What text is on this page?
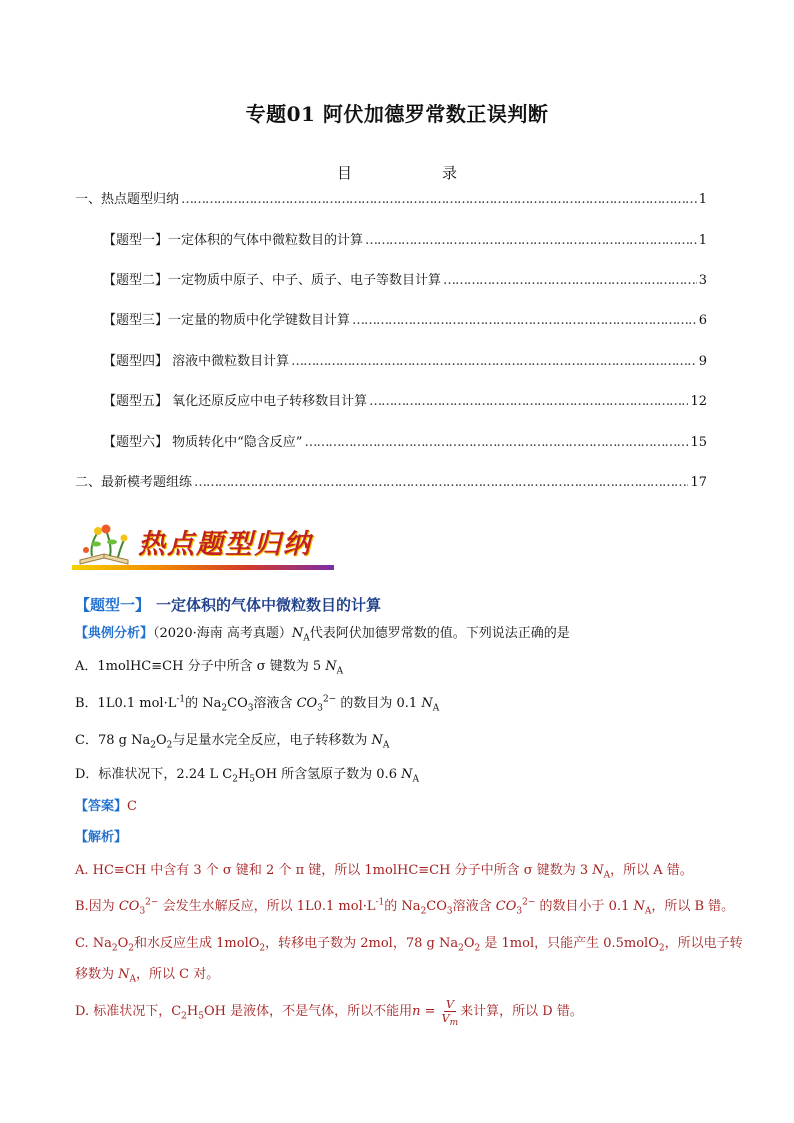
专题01 阿伏加德罗常数正误判断
目	录
一、热点题型归纳 ……………………………………………………………………………………………………………………………………………………………………	1
【题型一】一定体积的气体中微粒数目的计算 ……………………………………………………………………………………………………………………………………………………………………	1
【题型二】一定物质中原子、中子、质子、电子等数目计算 ……………………………………………………………………………………………………………………………………………………………………	3
【题型三】一定量的物质中化学键数目计算 ……………………………………………………………………………………………………………………………………………………………………	6
【题型四】 溶液中微粒数目计算 ……………………………………………………………………………………………………………………………………………………………………	9
【题型五】 氧化还原反应中电子转移数目计算 ……………………………………………………………………………………………………………………………………………………………………	12
【题型六】 物质转化中“隐含反应” ……………………………………………………………………………………………………………………………………………………………………	15
二、最新模考题组练 ……………………………………………………………………………………………………………………………………………………………………	17
热点题型归纳
【题型一】 一定体积的气体中微粒数目的计算
【典例分析】（2020·海南 高考真题）$N_A$代表阿伏加德罗常数的值。下列说法正确的是
A．1molHC≡CH 分子中所含 σ 键数为 5 $N_A$
B．1L0.1 $mol\cdot L^{-1}$的 $Na_2CO_3$溶液含 $CO_3^{2-}$ 的数目为 0.1 $N_A$
C．78 g $Na_2O_2$与足量水完全反应，电子转移数为 $N_A$
D．标准状况下，2.24 L $C_2H_5OH$ 所含氢原子数为 0.6 $N_A$
【答案】C
【解析】
A. HC≡CH 中含有 3 个 σ 键和 2 个 π 键，所以 1molHC≡CH 分子中所含 σ 键数为 3 $N_A$，所以 A 错。
B.因为 $CO_3^{2-}$ 会发生水解反应，所以 1L0.1 $mol\cdot L^{-1}$的 $Na_2CO_3$溶液含 $CO_3^{2-}$ 的数目小于 0.1 $N_A$，所以 B 错。
C. $Na_2O_2$和水反应生成 1molO$_2$，转移电子数为 2mol，78 g $Na_2O_2$ 是 1mol，只能产生 0.5molO$_2$，所以电子转
移数为 $N_A$，所以 C 对。
D. 标准状况下，$C_2H_5OH$ 是液体，不是气体，所以不能用$n = \frac{V}{V_m}$ 来计算，所以 D 错。
